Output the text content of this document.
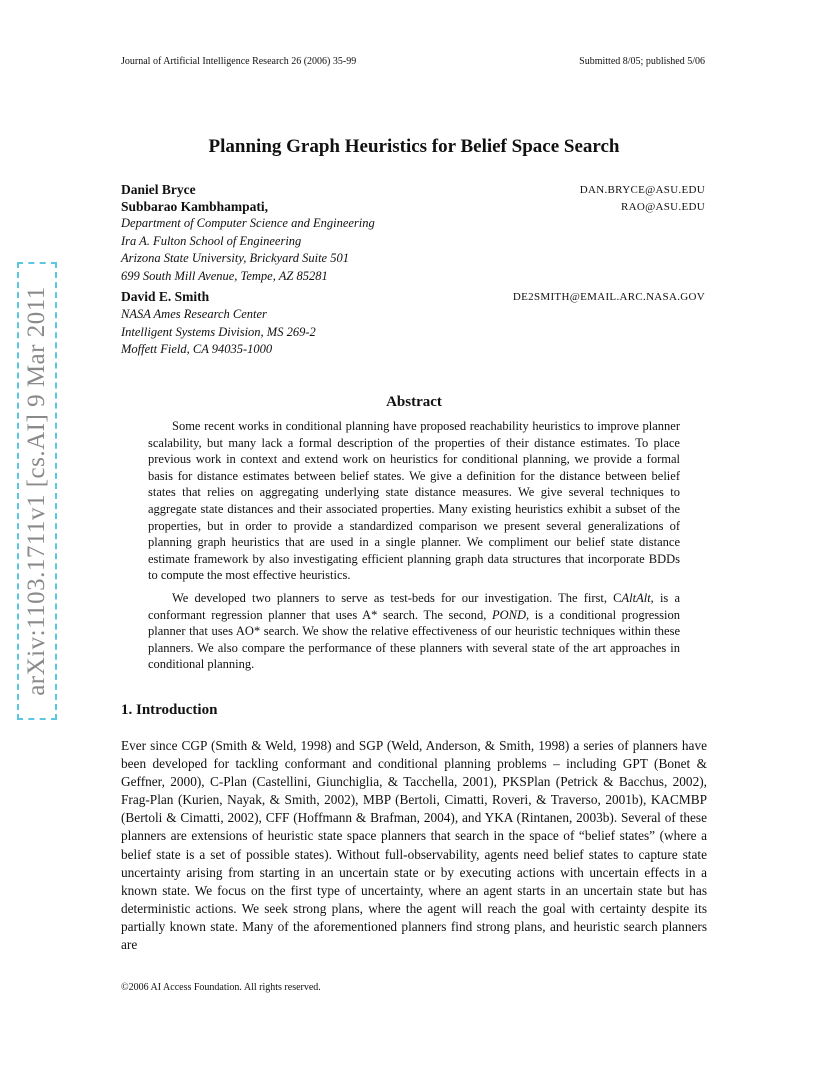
Journal of Artificial Intelligence Research 26 (2006) 35-99	Submitted 8/05; published 5/06
Planning Graph Heuristics for Belief Space Search
Daniel Bryce	DAN.BRYCE@ASU.EDU
Subbarao Kambhampati,	RAO@ASU.EDU
Department of Computer Science and Engineering
Ira A. Fulton School of Engineering
Arizona State University, Brickyard Suite 501
699 South Mill Avenue, Tempe, AZ 85281
David E. Smith	DE2SMITH@EMAIL.ARC.NASA.GOV
NASA Ames Research Center
Intelligent Systems Division, MS 269-2
Moffett Field, CA 94035-1000
Abstract

Some recent works in conditional planning have proposed reachability heuristics to improve planner scalability, but many lack a formal description of the properties of their distance estimates. To place previous work in context and extend work on heuristics for conditional planning, we provide a formal basis for distance estimates between belief states. We give a definition for the distance between belief states that relies on aggregating underlying state distance measures. We give several techniques to aggregate state distances and their associated properties. Many existing heuristics exhibit a subset of the properties, but in order to provide a standardized comparison we present several generalizations of planning graph heuristics that are used in a single planner. We compliment our belief state distance estimate framework by also investigating efficient planning graph data structures that incorporate BDDs to compute the most effective heuristics.

We developed two planners to serve as test-beds for our investigation. The first, CAltAlt, is a conformant regression planner that uses A* search. The second, POND, is a conditional progression planner that uses AO* search. We show the relative effectiveness of our heuristic techniques within these planners. We also compare the performance of these planners with several state of the art approaches in conditional planning.

1. Introduction

Ever since CGP (Smith & Weld, 1998) and SGP (Weld, Anderson, & Smith, 1998) a series of planners have been developed for tackling conformant and conditional planning problems – including GPT (Bonet & Geffner, 2000), C-Plan (Castellini, Giunchiglia, & Tacchella, 2001), PKSPlan (Petrick & Bacchus, 2002), Frag-Plan (Kurien, Nayak, & Smith, 2002), MBP (Bertoli, Cimatti, Roveri, & Traverso, 2001b), KACMBP (Bertoli & Cimatti, 2002), CFF (Hoffmann & Brafman, 2004), and YKA (Rintanen, 2003b). Several of these planners are extensions of heuristic state space planners that search in the space of “belief states” (where a belief state is a set of possible states). Without full-observability, agents need belief states to capture state uncertainty arising from starting in an uncertain state or by executing actions with uncertain effects in a known state. We focus on the first type of uncertainty, where an agent starts in an uncertain state but has deterministic actions. We seek strong plans, where the agent will reach the goal with certainty despite its partially known state. Many of the aforementioned planners find strong plans, and heuristic search planners are

©2006 AI Access Foundation. All rights reserved.
arXiv:1103.1711v1 [cs.AI] 9 Mar 2011
